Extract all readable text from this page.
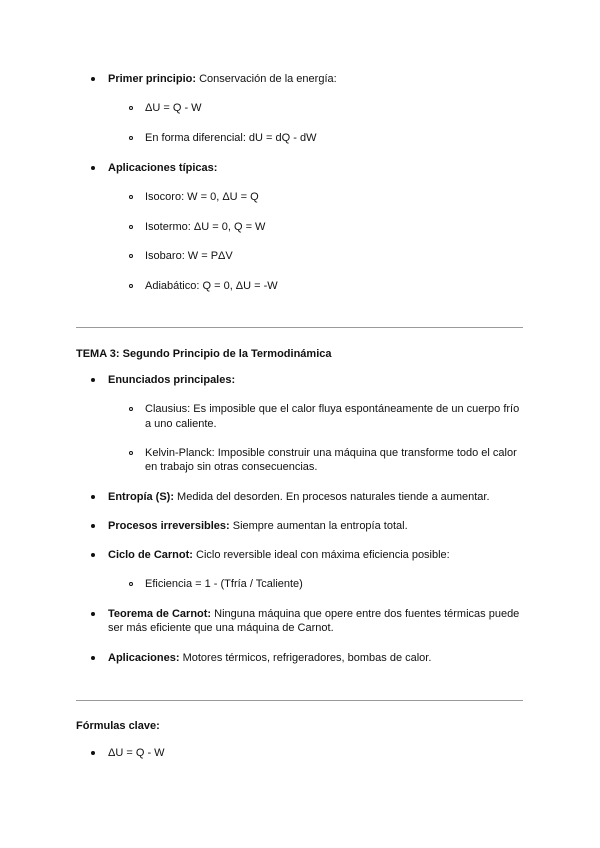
Primer principio: Conservación de la energía:
ΔU = Q - W
En forma diferencial: dU = dQ - dW
Aplicaciones típicas:
Isocoro: W = 0, ΔU = Q
Isotermo: ΔU = 0, Q = W
Isobaro: W = PΔV
Adiabático: Q = 0, ΔU = -W
TEMA 3: Segundo Principio de la Termodinámica
Enunciados principales:
Clausius: Es imposible que el calor fluya espontáneamente de un cuerpo frío
a uno caliente.
Kelvin-Planck: Imposible construir una máquina que transforme todo el calor
en trabajo sin otras consecuencias.
Entropía (S): Medida del desorden. En procesos naturales tiende a aumentar.
Procesos irreversibles: Siempre aumentan la entropía total.
Ciclo de Carnot: Ciclo reversible ideal con máxima eficiencia posible:
Eficiencia = 1 - (Tfría / Tcaliente)
Teorema de Carnot: Ninguna máquina que opere entre dos fuentes térmicas puede
ser más eficiente que una máquina de Carnot.
Aplicaciones: Motores térmicos, refrigeradores, bombas de calor.
Fórmulas clave:
ΔU = Q - W
